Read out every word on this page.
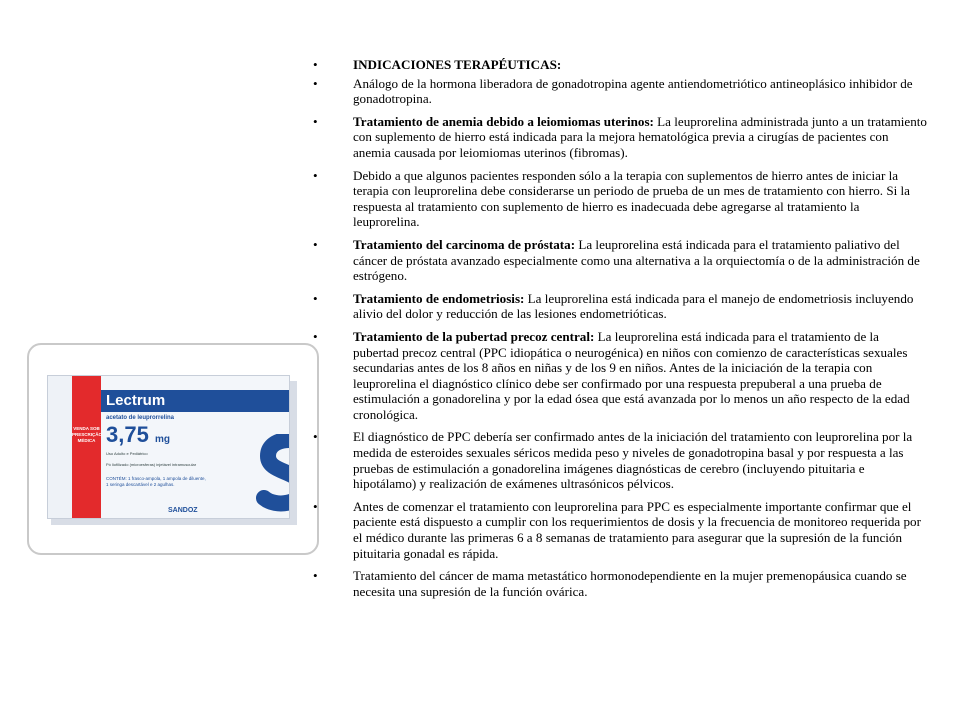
VENDA SOB PRESCRIÇÃO MÉDICA
Lectrum
acetato de leuprorrelina
3,75 mg
Uso Adulto e Pediátrico
Pó liofilizado (microesferas) injetável intramuscular
CONTÉM: 1 frasco-ampola, 1 ampola de diluente, 1 seringa descartável e 2 agulhas.
SANDOZ
• INDICACIONES TERAPÉUTICAS:
• Análogo de la hormona liberadora de gonadotropina agente antiendometriótico antineoplásico inhibidor de gonadotropina.
• Tratamiento de anemia debido a leiomiomas uterinos: La leuprorelina administrada junto a un tratamiento con suplemento de hierro está indicada para la mejora hematológica previa a cirugías de pacientes con anemia causada por leiomiomas uterinos (fibromas).
• Debido a que algunos pacientes responden sólo a la terapia con suplementos de hierro antes de iniciar la terapia con leuprorelina debe considerarse un periodo de prueba de un mes de tratamiento con hierro. Si la respuesta al tratamiento con suplemento de hierro es inadecuada debe agregarse al tratamiento la leuprorelina.
• Tratamiento del carcinoma de próstata: La leuprorelina está indicada para el tratamiento paliativo del cáncer de próstata avanzado especialmente como una alternativa a la orquiectomía o de la administración de estrógeno.
• Tratamiento de endometriosis: La leuprorelina está indicada para el manejo de endometriosis incluyendo alivio del dolor y reducción de las lesiones endometrióticas.
• Tratamiento de la pubertad precoz central: La leuprorelina está indicada para el tratamiento de la pubertad precoz central (PPC idiopática o neurogénica) en niños con comienzo de características sexuales secundarias antes de los 8 años en niñas y de los 9 en niños. Antes de la iniciación de la terapia con leuprorelina el diagnóstico clínico debe ser confirmado por una respuesta prepuberal a una prueba de estimulación a gonadorelina y por la edad ósea que está avanzada por lo menos un año respecto de la edad cronológica.
• El diagnóstico de PPC debería ser confirmado antes de la iniciación del tratamiento con leuprorelina por la medida de esteroides sexuales séricos medida peso y niveles de gonadotropina basal y por respuesta a las pruebas de estimulación a gonadorelina imágenes diagnósticas de cerebro (incluyendo pituitaria e hipotálamo) y realización de exámenes ultrasónicos pélvicos.
• Antes de comenzar el tratamiento con leuprorelina para PPC es especialmente importante confirmar que el paciente está dispuesto a cumplir con los requerimientos de dosis y la frecuencia de monitoreo requerida por el médico durante las primeras 6 a 8 semanas de tratamiento para asegurar que la supresión de la función pituitaria gonadal es rápida.
• Tratamiento del cáncer de mama metastático hormonodependiente en la mujer premenopáusica cuando se necesita una supresión de la función ovárica.
